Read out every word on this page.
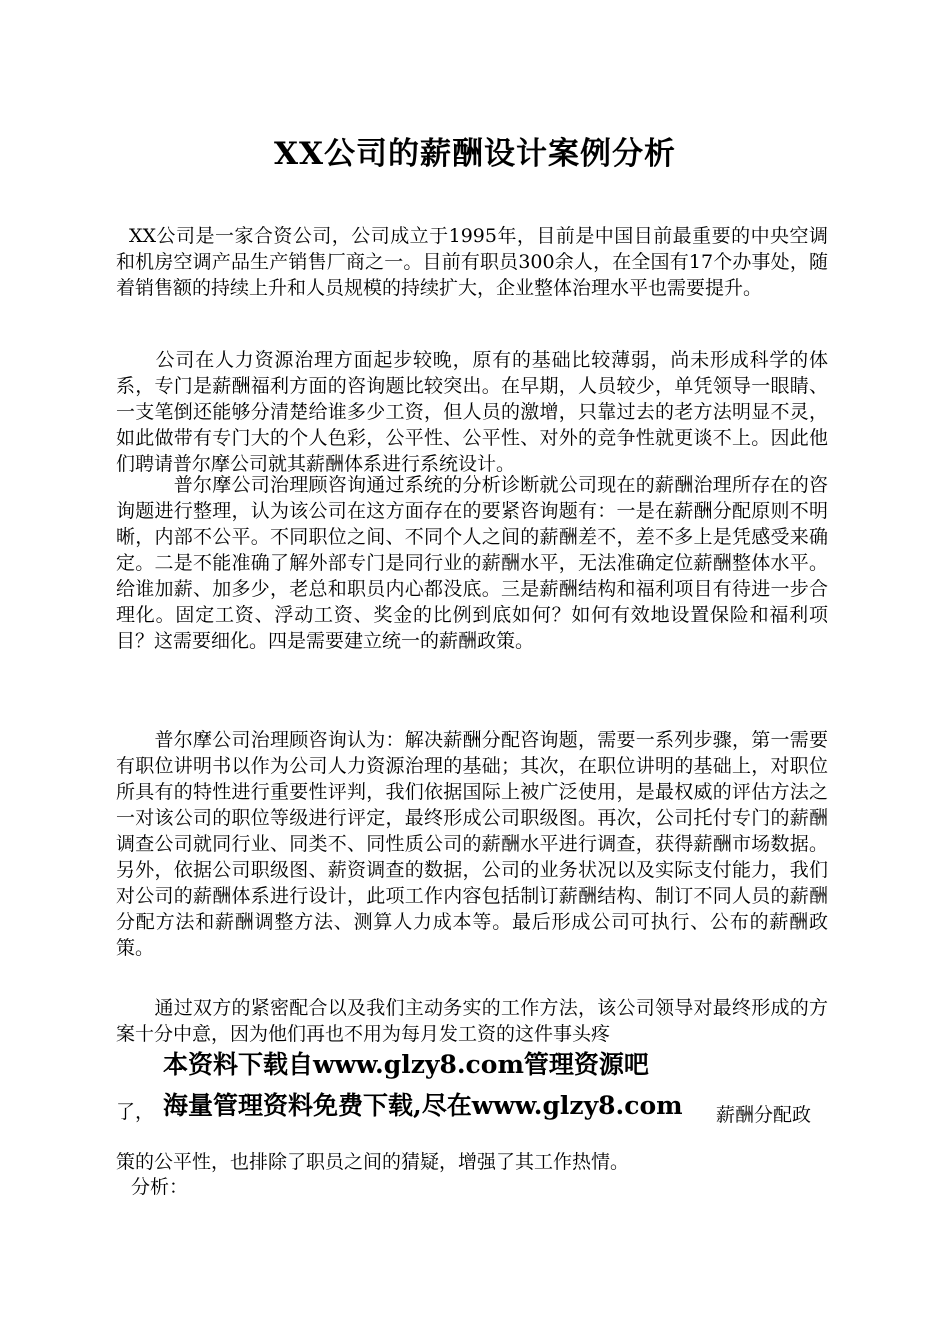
XX公司的薪酬设计案例分析

XX公司是一家合资公司，公司成立于1995年，目前是中国目前最重要的中央空调和机房空调产品生产销售厂商之一。目前有职员300余人，在全国有17个办事处，随着销售额的持续上升和人员规模的持续扩大，企业整体治理水平也需要提升。

　　公司在人力资源治理方面起步较晚，原有的基础比较薄弱，尚未形成科学的体系，专门是薪酬福利方面的咨询题比较突出。在早期，人员较少，单凭领导一眼睛、一支笔倒还能够分清楚给谁多少工资，但人员的激增，只靠过去的老方法明显不灵，如此做带有专门大的个人色彩，公平性、公平性、对外的竞争性就更谈不上。因此他们聘请普尔摩公司就其薪酬体系进行系统设计。

　　　普尔摩公司治理顾咨询通过系统的分析诊断就公司现在的薪酬治理所存在的咨询题进行整理，认为该公司在这方面存在的要紧咨询题有：一是在薪酬分配原则不明晰，内部不公平。不同职位之间、不同个人之间的薪酬差不，差不多上是凭感受来确定。二是不能准确了解外部专门是同行业的薪酬水平，无法准确定位薪酬整体水平。给谁加薪、加多少，老总和职员内心都没底。三是薪酬结构和福利项目有待进一步合理化。固定工资、浮动工资、奖金的比例到底如何？如何有效地设置保险和福利项目？这需要细化。四是需要建立统一的薪酬政策。

　　普尔摩公司治理顾咨询认为：解决薪酬分配咨询题，需要一系列步骤，第一需要有职位讲明书以作为公司人力资源治理的基础；其次，在职位讲明的基础上，对职位所具有的特性进行重要性评判，我们依据国际上被广泛使用，是最权威的评估方法之一对该公司的职位等级进行评定，最终形成公司职级图。再次，公司托付专门的薪酬调查公司就同行业、同类不、同性质公司的薪酬水平进行调查，获得薪酬市场数据。另外，依据公司职级图、薪资调查的数据，公司的业务状况以及实际支付能力，我们对公司的薪酬体系进行设计，此项工作内容包括制订薪酬结构、制订不同人员的薪酬分配方法和薪酬调整方法、测算人力成本等。最后形成公司可执行、公布的薪酬政策。

　　通过双方的紧密配合以及我们主动务实的工作方法，该公司领导对最终形成的方案十分中意，因为他们再也不用为每月发工资的这件事头疼

本资料下载自www.glzy8.com管理资源吧
海量管理资料免费下载,尽在www.glzy8.com
了，	薪酬分配政
策的公平性，也排除了职员之间的猜疑，增强了其工作热情。
分析：
